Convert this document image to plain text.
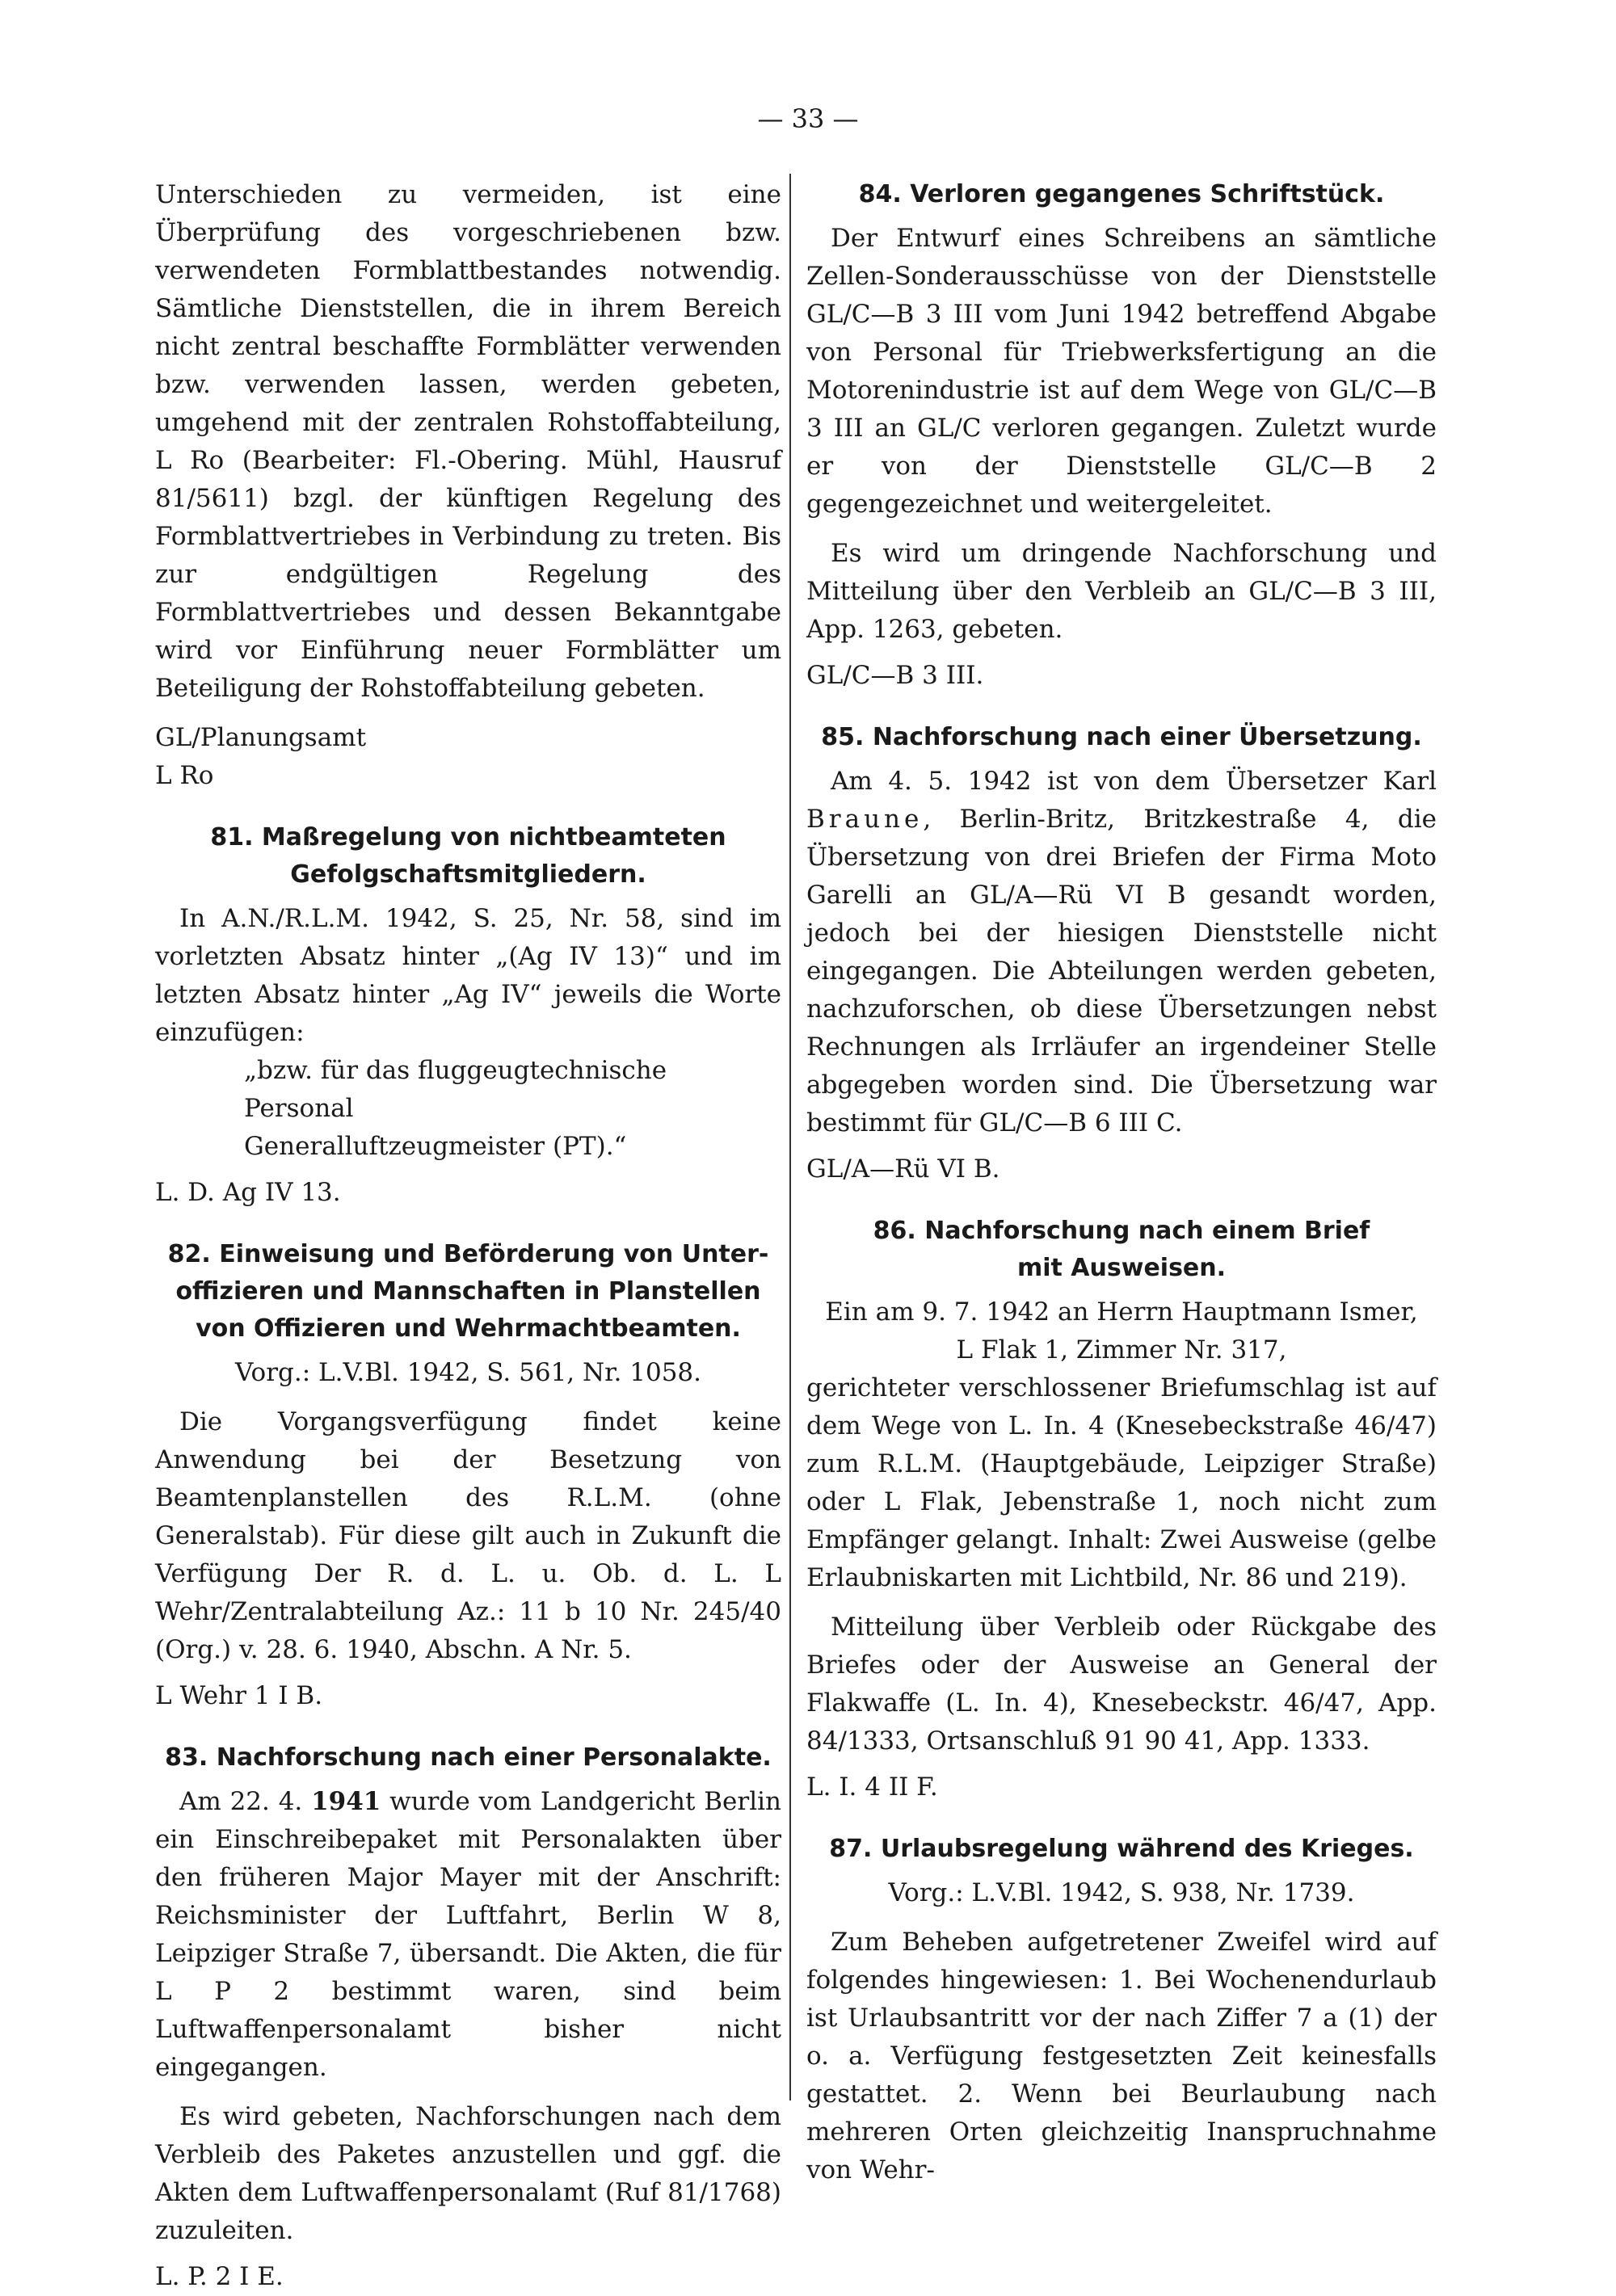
— 33 —

Unterschieden zu vermeiden, ist eine Überprüfung des vorgeschriebenen bzw. verwendeten Formblattbestandes notwendig. Sämtliche Dienststellen, die in ihrem Bereich nicht zentral beschaffte Formblätter verwenden bzw. verwenden lassen, werden gebeten, umgehend mit der zentralen Rohstoffabteilung, L Ro (Bearbeiter: Fl.-Obering. Mühl, Hausruf 81/5611) bzgl. der künftigen Regelung des Formblattvertriebes in Verbindung zu treten. Bis zur endgültigen Regelung des Formblattvertriebes und dessen Bekanntgabe wird vor Einführung neuer Formblätter um Beteiligung der Rohstoffabteilung gebeten.

GL/Planungsamt

L Ro

81. Maßregelung von nichtbeamteten
Gefolgschaftsmitgliedern.

In A.N./R.L.M. 1942, S. 25, Nr. 58, sind im vorletzten Absatz hinter „(Ag IV 13)“ und im letzten Absatz hinter „Ag IV“ jeweils die Worte einzufügen:

„bzw. für das fluggeugtechnische Personal

Generalluftzeugmeister (PT).“

L. D. Ag IV 13.

82. Einweisung und Beförderung von Unter-
offizieren und Mannschaften in Planstellen
von Offizieren und Wehrmachtbeamten.

Vorg.: L.V.Bl. 1942, S. 561, Nr. 1058.

Die Vorgangsverfügung findet keine Anwendung bei der Besetzung von Beamtenplanstellen des R.L.M. (ohne Generalstab). Für diese gilt auch in Zukunft die Verfügung Der R. d. L. u. Ob. d. L. L Wehr/Zentralabteilung Az.: 11 b 10 Nr. 245/40 (Org.) v. 28. 6. 1940, Abschn. A Nr. 5.

L Wehr 1 I B.

83. Nachforschung nach einer Personalakte.

Am 22. 4. 1941 wurde vom Landgericht Berlin ein Einschreibepaket mit Personalakten über den früheren Major Mayer mit der Anschrift: Reichsminister der Luftfahrt, Berlin W 8, Leipziger Straße 7, übersandt. Die Akten, die für L P 2 bestimmt waren, sind beim Luftwaffenpersonalamt bisher nicht eingegangen.

Es wird gebeten, Nachforschungen nach dem Verbleib des Paketes anzustellen und ggf. die Akten dem Luftwaffenpersonalamt (Ruf 81/1768) zuzuleiten.

L. P. 2 I E.

84. Verloren gegangenes Schriftstück.

Der Entwurf eines Schreibens an sämtliche Zellen-Sonderausschüsse von der Dienststelle GL/C—B 3 III vom Juni 1942 betreffend Abgabe von Personal für Triebwerksfertigung an die Motorenindustrie ist auf dem Wege von GL/C—B 3 III an GL/C verloren gegangen. Zuletzt wurde er von der Dienststelle GL/C—B 2 gegengezeichnet und weitergeleitet.

Es wird um dringende Nachforschung und Mitteilung über den Verbleib an GL/C—B 3 III, App. 1263, gebeten.

GL/C—B 3 III.

85. Nachforschung nach einer Übersetzung.

Am 4. 5. 1942 ist von dem Übersetzer Karl Braune, Berlin-Britz, Britzkestraße 4, die Übersetzung von drei Briefen der Firma Moto Garelli an GL/A—Rü VI B gesandt worden, jedoch bei der hiesigen Dienststelle nicht eingegangen. Die Abteilungen werden gebeten, nachzuforschen, ob diese Übersetzungen nebst Rechnungen als Irrläufer an irgendeiner Stelle abgegeben worden sind. Die Übersetzung war bestimmt für GL/C—B 6 III C.

GL/A—Rü VI B.

86. Nachforschung nach einem Brief
mit Ausweisen.

Ein am 9. 7. 1942 an Herrn Hauptmann Ismer,

L Flak 1, Zimmer Nr. 317,

gerichteter verschlossener Briefumschlag ist auf dem Wege von L. In. 4 (Knesebeckstraße 46/47) zum R.L.M. (Hauptgebäude, Leipziger Straße) oder L Flak, Jebenstraße 1, noch nicht zum Empfänger gelangt. Inhalt: Zwei Ausweise (gelbe Erlaubniskarten mit Lichtbild, Nr. 86 und 219).

Mitteilung über Verbleib oder Rückgabe des Briefes oder der Ausweise an General der Flakwaffe (L. In. 4), Knesebeckstr. 46/47, App. 84/1333, Ortsanschluß 91 90 41, App. 1333.

L. I. 4 II F.

87. Urlaubsregelung während des Krieges.

Vorg.: L.V.Bl. 1942, S. 938, Nr. 1739.

Zum Beheben aufgetretener Zweifel wird auf folgendes hingewiesen: 1. Bei Wochenendurlaub ist Urlaubsantritt vor der nach Ziffer 7 a (1) der o. a. Verfügung festgesetzten Zeit keinesfalls gestattet. 2. Wenn bei Beurlaubung nach mehreren Orten gleichzeitig Inanspruchnahme von Wehr-
